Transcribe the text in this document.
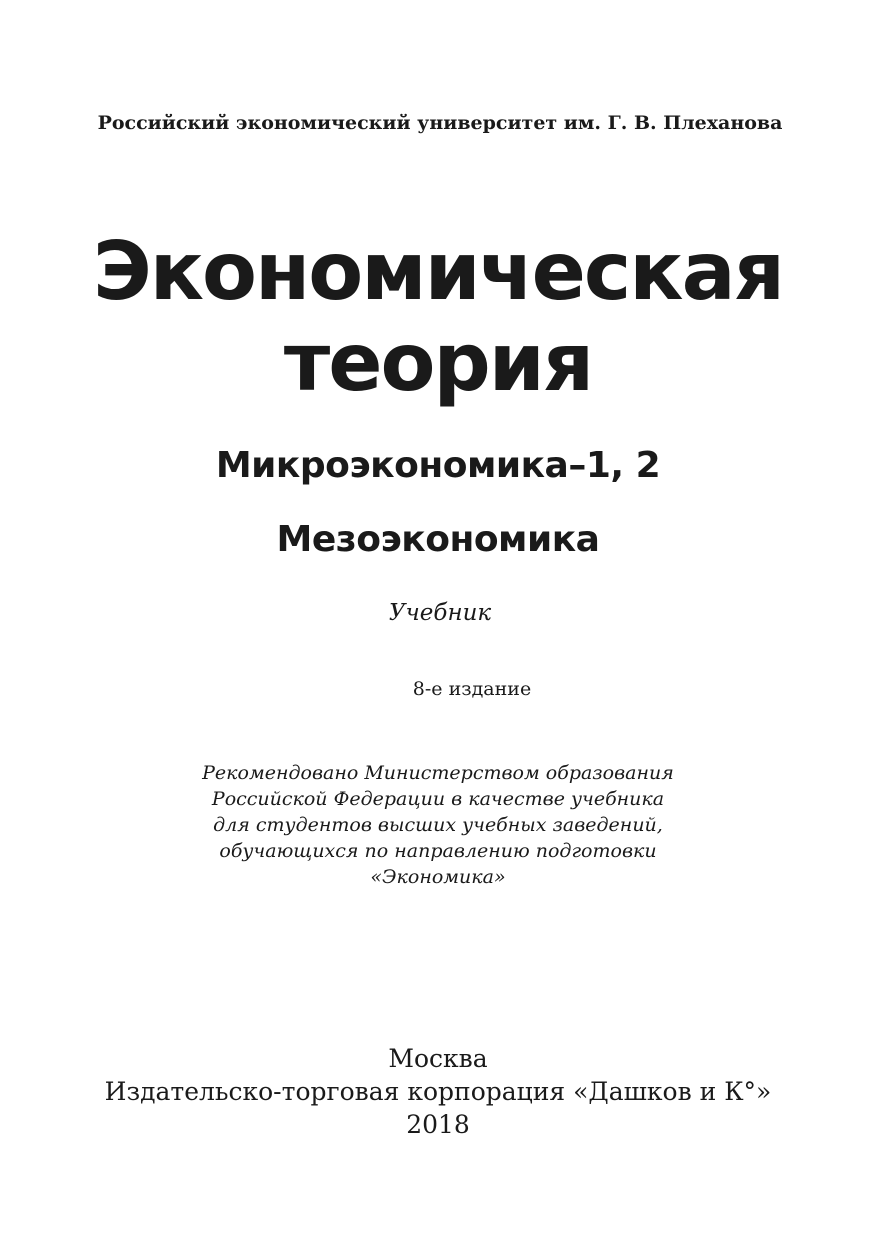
Российский экономический университет им. Г. В. Плеханова
Экономическая
теория
Микроэкономика–1, 2
Мезоэкономика
Учебник
8-е издание
Рекомендовано Министерством образования
Российской Федерации в качестве учебника
для студентов высших учебных заведений,
обучающихся по направлению подготовки
«Экономика»
Москва
Издательско-торговая корпорация «Дашков и К°»
2018
